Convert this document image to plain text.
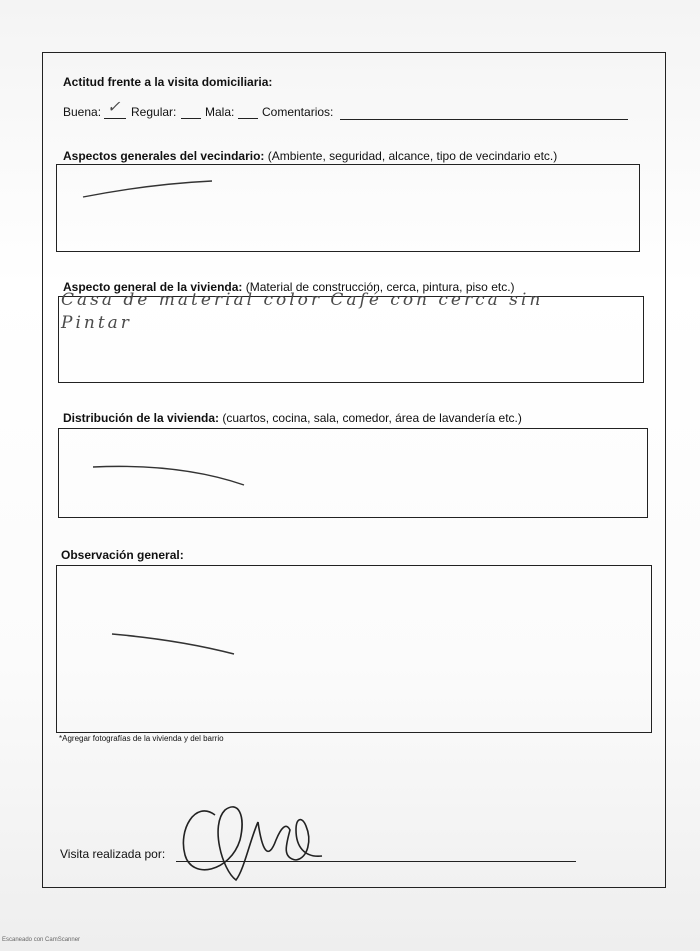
Actitud frente a la visita domiciliaria:
Buena: ✓ Regular: Mala: Comentarios:
Aspectos generales del vecindario: (Ambiente, seguridad, alcance, tipo de vecindario etc.)
Aspecto general de la vivienda: (Material de construcción, cerca, pintura, piso etc.)
Casa de material color Café con cerca sin
Pintar
Distribución de la vivienda: (cuartos, cocina, sala, comedor, área de lavandería etc.)
Observación general:
*Agregar fotografías de la vivienda y del barrio
Visita realizada por:
Escaneado con CamScanner
